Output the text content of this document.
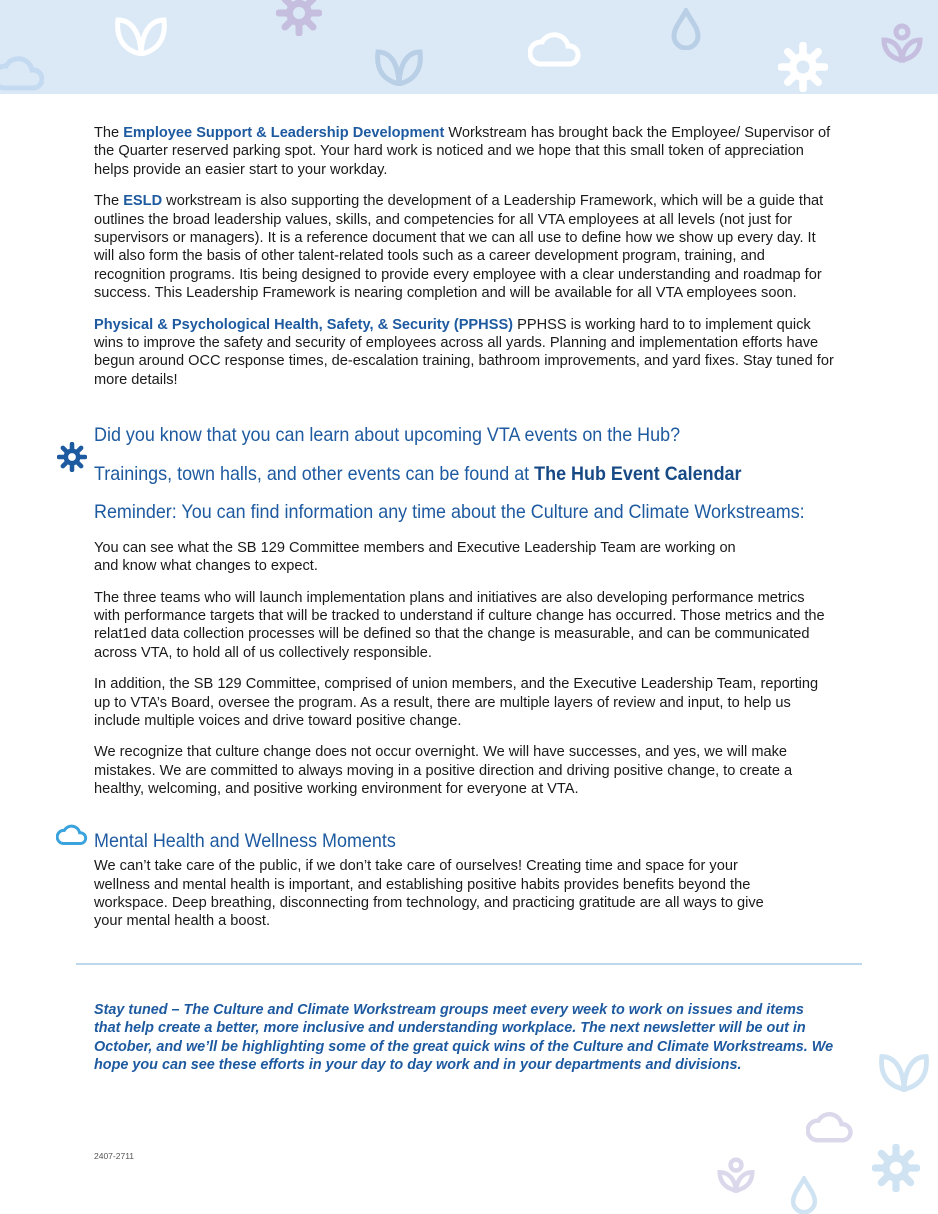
The Employee Support & Leadership Development Workstream has brought back the Employee/ Supervisor of the Quarter reserved parking spot. Your hard work is noticed and we hope that this small token of appreciation helps provide an easier start to your workday.

The ESLD workstream is also supporting the development of a Leadership Framework, which will be a guide that outlines the broad leadership values, skills, and competencies for all VTA employees at all levels (not just for supervisors or managers). It is a reference document that we can all use to define how we show up every day. It will also form the basis of other talent-related tools such as a career development program, training, and recognition programs. Itis being designed to provide every employee with a clear understanding and roadmap for success. This Leadership Framework is nearing completion and will be available for all VTA employees soon.

Physical & Psychological Health, Safety, & Security (PPHSS) PPHSS is working hard to to implement quick wins to improve the safety and security of employees across all yards. Planning and implementation efforts have begun around OCC response times, de-escalation training, bathroom improvements, and yard fixes. Stay tuned for more details!

Did you know that you can learn about upcoming VTA events on the Hub?

Trainings, town halls, and other events can be found at The Hub Event Calendar

Reminder: You can find information any time about the Culture and Climate Workstreams:

You can see what the SB 129 Committee members and Executive Leadership Team are working on and know what changes to expect.

The three teams who will launch implementation plans and initiatives are also developing performance metrics with performance targets that will be tracked to understand if culture change has occurred. Those metrics and the relat1ed data collection processes will be defined so that the change is measurable, and can be communicated across VTA, to hold all of us collectively responsible.

In addition, the SB 129 Committee, comprised of union members, and the Executive Leadership Team, reporting up to VTA’s Board, oversee the program. As a result, there are multiple layers of review and input, to help us include multiple voices and drive toward positive change.

We recognize that culture change does not occur overnight. We will have successes, and yes, we will make mistakes. We are committed to always moving in a positive direction and driving positive change, to create a healthy, welcoming, and positive working environment for everyone at VTA.

Mental Health and Wellness Moments

We can’t take care of the public, if we don’t take care of ourselves! Creating time and space for your wellness and mental health is important, and establishing positive habits provides benefits beyond the workspace. Deep breathing, disconnecting from technology, and practicing gratitude are all ways to give your mental health a boost.

Stay tuned – The Culture and Climate Workstream groups meet every week to work on issues and items that help create a better, more inclusive and understanding workplace. The next newsletter will be out in October, and we’ll be highlighting some of the great quick wins of the Culture and Climate Workstreams. We hope you can see these efforts in your day to day work and in your departments and divisions.

2407-2711
